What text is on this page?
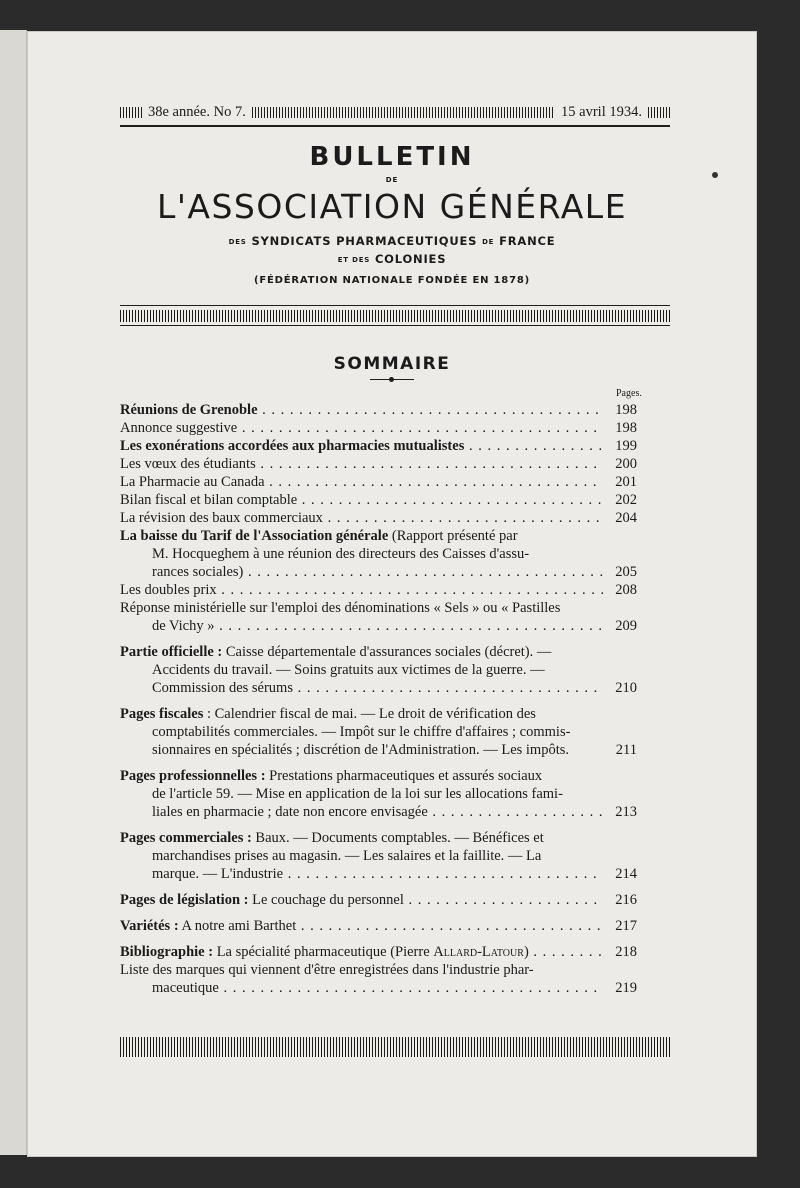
38e année. No 7.	15 avril 1934.
BULLETIN
DE
L'ASSOCIATION GÉNÉRALE
DES SYNDICATS PHARMACEUTIQUES DE FRANCE
ET DES COLONIES
(FÉDÉRATION NATIONALE FONDÉE EN 1878)
SOMMAIRE
Pages.
Réunions de Grenoble . . .	198
Annonce suggestive . . .	198
Les exonérations accordées aux pharmacies mutualistes . . .	199
Les vœux des étudiants . . .	200
La Pharmacie au Canada . . .	201
Bilan fiscal et bilan comptable . . .	202
La révision des baux commerciaux . . .	204
La baisse du Tarif de l'Association générale (Rapport présenté par
M. Hocqueghem à une réunion des directeurs des Caisses d'assu-
rances sociales) . . .	205
Les doubles prix . . .	208
Réponse ministérielle sur l'emploi des dénominations « Sels » ou « Pastilles
de Vichy » . . .	209
Partie officielle : Caisse départementale d'assurances sociales (décret). —
Accidents du travail. — Soins gratuits aux victimes de la guerre. —
Commission des sérums . . .	210
Pages fiscales : Calendrier fiscal de mai. — Le droit de vérification des
comptabilités commerciales. — Impôt sur le chiffre d'affaires ; commis-
sionnaires en spécialités ; discrétion de l'Administration. — Les impôts.	211
Pages professionnelles : Prestations pharmaceutiques et assurés sociaux
de l'article 59. — Mise en application de la loi sur les allocations fami-
liales en pharmacie ; date non encore envisagée . . .	213
Pages commerciales : Baux. — Documents comptables. — Bénéfices et
marchandises prises au magasin. — Les salaires et la faillite. — La
marque. — L'industrie . . .	214
Pages de législation : Le couchage du personnel . . .	216
Variétés : A notre ami Barthet . . .	217
Bibliographie : La spécialité pharmaceutique (Pierre Allard-Latour) . . .	218
Liste des marques qui viennent d'être enregistrées dans l'industrie phar-
maceutique . . .	219
